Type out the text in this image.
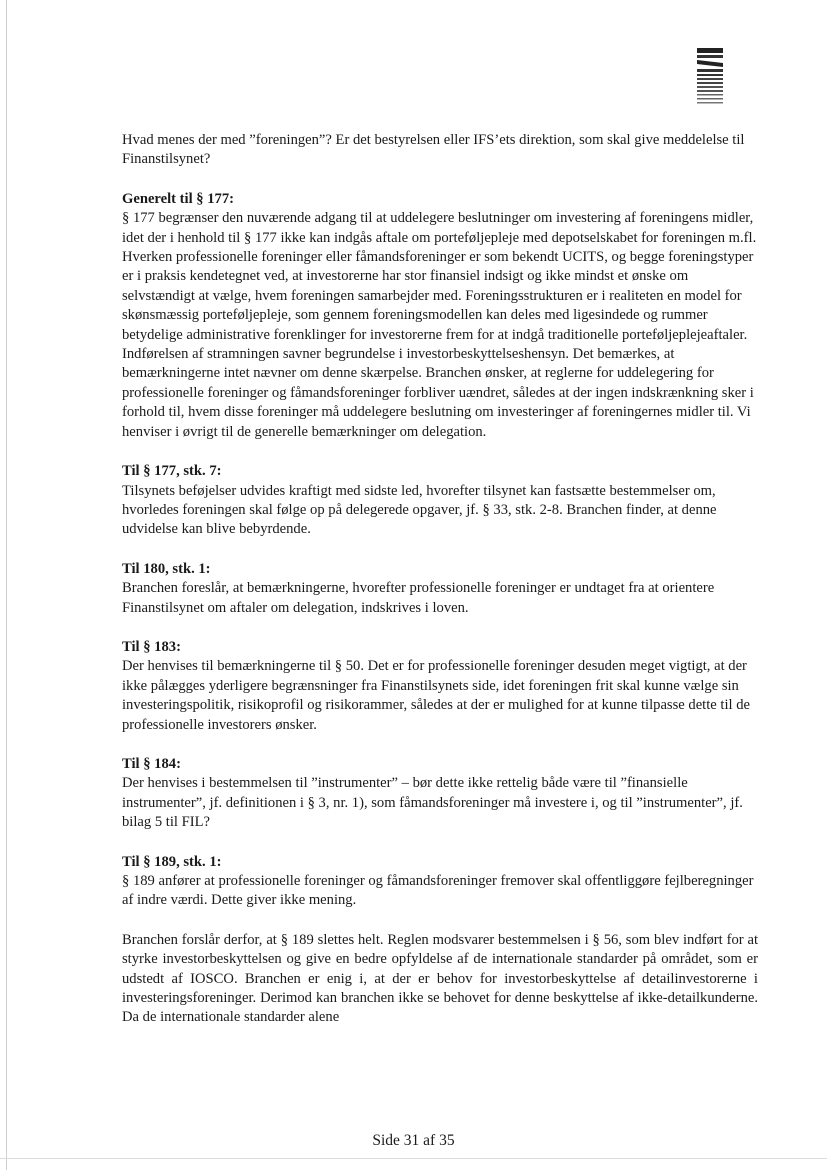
Hvad menes der med ”foreningen”? Er det bestyrelsen eller IFS’ets direktion, som skal give meddelelse til Finanstilsynet?

Generelt til § 177:

§ 177 begrænser den nuværende adgang til at uddelegere beslutninger om investering af foreningens midler, idet der i henhold til § 177 ikke kan indgås aftale om porteføljepleje med depotselskabet for foreningen m.fl. Hverken professionelle foreninger eller fåmandsforeninger er som bekendt UCITS, og begge foreningstyper er i praksis kendetegnet ved, at investorerne har stor finansiel indsigt og ikke mindst et ønske om selvstændigt at vælge, hvem foreningen samarbejder med. Foreningsstrukturen er i realiteten en model for skønsmæssig porteføljepleje, som gennem foreningsmodellen kan deles med ligesindede og rummer betydelige administrative forenklinger for investorerne frem for at indgå traditionelle porteføljeplejeaftaler. Indførelsen af stramningen savner begrundelse i investorbeskyttelseshensyn. Det bemærkes, at bemærkningerne intet nævner om denne skærpelse. Branchen ønsker, at reglerne for uddelegering for professionelle foreninger og fåmandsforeninger forbliver uændret, således at der ingen indskrænkning sker i forhold til, hvem disse foreninger må uddelegere beslutning om investeringer af foreningernes midler til. Vi henviser i øvrigt til de generelle bemærkninger om delegation.

Til § 177, stk. 7:

Tilsynets beføjelser udvides kraftigt med sidste led, hvorefter tilsynet kan fastsætte bestemmelser om, hvorledes foreningen skal følge op på delegerede opgaver, jf. § 33, stk. 2-8. Branchen finder, at denne udvidelse kan blive bebyrdende.

Til 180, stk. 1:

Branchen foreslår, at bemærkningerne, hvorefter professionelle foreninger er undtaget fra at orientere Finanstilsynet om aftaler om delegation, indskrives i loven.

Til § 183:

Der henvises til bemærkningerne til § 50. Det er for professionelle foreninger desuden meget vigtigt, at der ikke pålægges yderligere begrænsninger fra Finanstilsynets side, idet foreningen frit skal kunne vælge sin investeringspolitik, risikoprofil og risikorammer, således at der er mulighed for at kunne tilpasse dette til de professionelle investorers ønsker.

Til § 184:

Der henvises i bestemmelsen til ”instrumenter” – bør dette ikke rettelig både være til ”finansielle instrumenter”, jf. definitionen i § 3, nr. 1), som fåmandsforeninger må investere i, og til ”instrumenter”, jf. bilag 5 til FIL?

Til § 189, stk. 1:

§ 189 anfører at professionelle foreninger og fåmandsforeninger fremover skal offentliggøre fejlberegninger af indre værdi. Dette giver ikke mening.

Branchen forslår derfor, at § 189 slettes helt. Reglen modsvarer bestemmelsen i § 56, som blev indført for at styrke investorbeskyttelsen og give en bedre opfyldelse af de internationale standarder på området, som er udstedt af IOSCO. Branchen er enig i, at der er behov for investorbeskyttelse af detailinvestorerne i investeringsforeninger. Derimod kan branchen ikke se behovet for denne beskyttelse af ikke-detailkunderne. Da de internationale standarder alene

Side 31 af 35
